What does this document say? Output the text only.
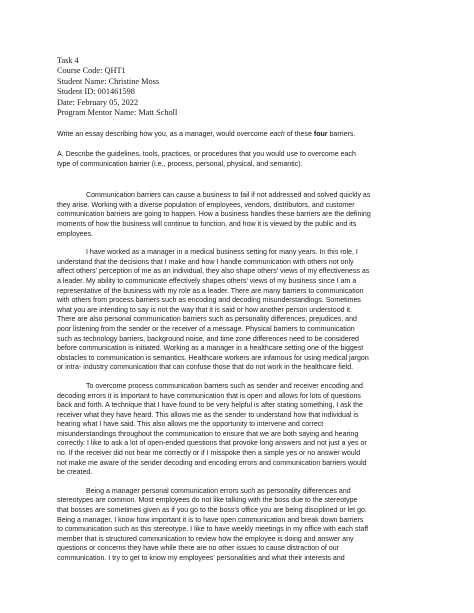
Task 4

Course Code: QHT1

Student Name: Christine Moss

Student ID: 001461598

Date: February 05, 2022

Program Mentor Name: Matt Scholl

Write an essay describing how you, as a manager, would overcome each of these four barriers.

A. Describe the guidelines, tools, practices, or procedures that you would use to overcome each
type of communication barrier (i.e., process, personal, physical, and semantic).
Communication barriers can cause a business to fail if not addressed and solved quickly as
they arise. Working with a diverse population of employees, vendors, distributors, and customer
communication barriers are going to happen. How a business handles these barriers are the defining
moments of how the business will continue to function, and how it is viewed by the public and its
employees.
I have worked as a manager in a medical business setting for many years. In this role, I
understand that the decisions that I make and how I handle communication with others not only
affect others' perception of me as an individual, they also shape others' views of my effectiveness as
a leader. My ability to communicate effectively shapes others' views of my business since I am a
representative of the business with my role as a leader. There are many barriers to communication
with others from process barriers such as encoding and decoding misunderstandings. Sometimes
what you are intending to say is not the way that it is said or how another person understood it.
There are also personal communication barriers such as personality differences, prejudices, and
poor listening from the sender or the receiver of a message. Physical barriers to communication
such as technology barriers, background noise, and time zone differences need to be considered
before communication is initiated. Working as a manager in a healthcare setting one of the biggest
obstacles to communication is semantics. Healthcare workers are infamous for using medical jargon
or intra- industry communication that can confuse those that do not work in the healthcare field.
To overcome process communication barriers such as sender and receiver encoding and
decoding errors it is important to have communication that is open and allows for lots of questions
back and forth. A technique that I have found to be very helpful is after stating something, I ask the
receiver what they have heard. This allows me as the sender to understand how that individual is
hearing what I have said. This also allows me the opportunity to intervene and correct
misunderstandings throughout the communication to ensure that we are both saying and hearing
correctly. I like to ask a lot of open-ended questions that provoke long answers and not just a yes or
no. If the receiver did not hear me correctly or if I misspoke then a simple yes or no answer would
not make me aware of the sender decoding and encoding errors and communication barriers would
be created.
Being a manager personal communication errors such as personality differences and
stereotypes are common. Most employees do not like talking with the boss due to the stereotype
that bosses are sometimes given as if you go to the boss's office you are being disciplined or let go.
Being a manager, I know how important it is to have open communication and break down barriers
to communication such as this stereotype. I like to have weekly meetings in my office with each staff
member that is structured communication to review how the employee is doing and answer any
questions or concerns they have while there are no other issues to cause distraction of our
communication. I try to get to know my employees' personalities and what their interests and
